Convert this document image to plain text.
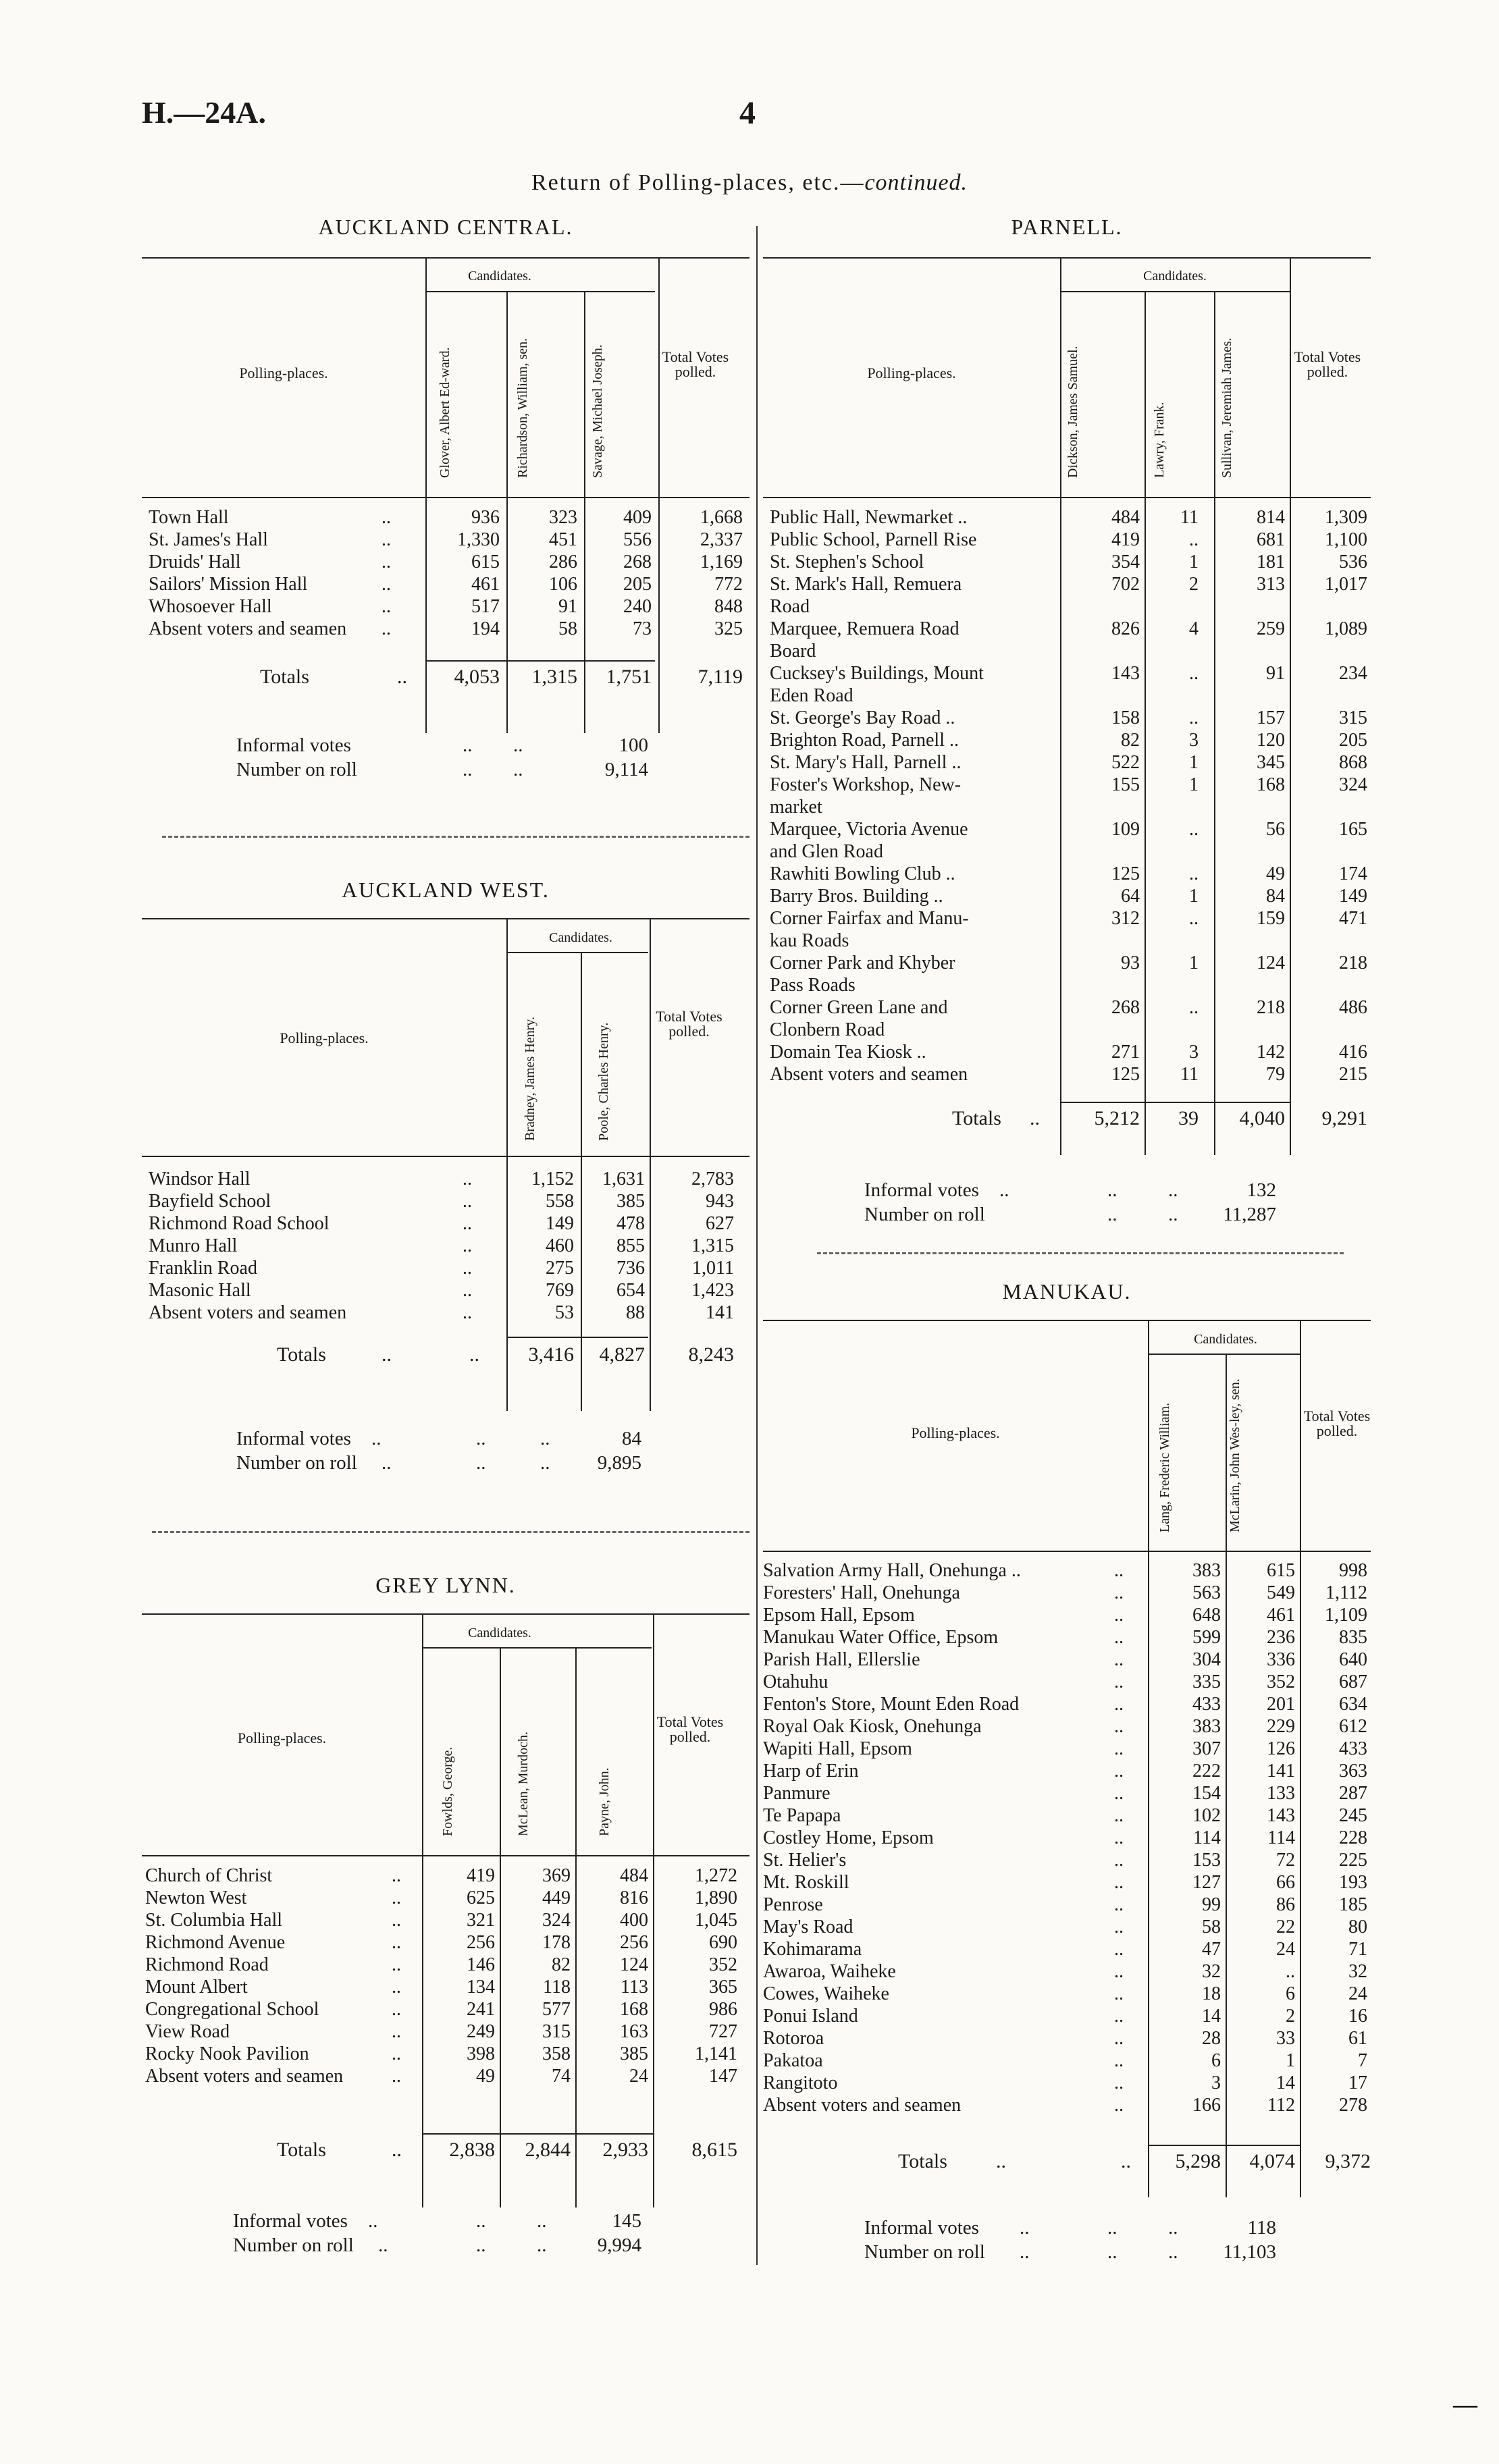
H.—24A.	4
Return of Polling-places, etc.—continued.
AUCKLAND CENTRAL.
Candidates.
Polling-places.
Total Votes polled.
Glover, Albert Ed-ward.	Richardson, William, sen.	Savage, Michael Joseph.
Town Hall	..	936	323	409	1,668
St. James's Hall	..	1,330	451	556	2,337
Druids' Hall	..	615	286	268	1,169
Sailors' Mission Hall	..	461	106	205	772
Whosoever Hall	..	517	91	240	848
Absent voters and seamen ..	194	58	73	325
Totals	..	4,053	1,315	1,751	7,119
Informal votes	.. ..	100
Number on roll	.. ..	9,114
AUCKLAND WEST.
Candidates.
Polling-places.
Total Votes polled.
Bradney, James Henry.	Poole, Charles Henry.
Windsor Hall	..	1,152	1,631	2,783
Bayfield School	..	558	385	943
Richmond Road School	..	149	478	627
Munro Hall	..	460	855	1,315
Franklin Road	..	275	736	1,011
Masonic Hall	..	769	654	1,423
Absent voters and seamen	..	53	88	141
Totals	..	..	3,416	4,827	8,243
Informal votes ..	..	..	84
Number on roll ..	..	..	9,895
GREY LYNN.
Candidates.
Polling-places.
Total Votes polled.
Fowlds, George.	McLean, Murdoch.	Payne, John.
Church of Christ	..	419	369	484	1,272
Newton West	..	625	449	816	1,890
St. Columbia Hall	..	321	324	400	1,045
Richmond Avenue	..	256	178	256	690
Richmond Road	..	146	82	124	352
Mount Albert	..	134	118	113	365
Congregational School	..	241	577	168	986
View Road	..	249	315	163	727
Rocky Nook Pavilion	..	398	358	385	1,141
Absent voters and seamen	..	49	74	24	147
Totals	..	2,838	2,844	2,933	8,615
Informal votes ..	..	..	145
Number on roll ..	..	..	9,994
PARNELL.
Candidates.
Polling-places.
Total Votes polled.
Dickson, James Samuel.	Lawry, Frank.	Sullivan, Jeremiah James.
Public Hall, Newmarket ..	484	11	814	1,309
Public School, Parnell Rise	419	..	681	1,100
St. Stephen's School	354	1	181	536
St. Mark's Hall, Remuera
Road
702	2	313	1,017
Marquee, Remuera Road
Board
826	4	259	1,089
Cucksey's Buildings, Mount
Eden Road
143	..	91	234
St. George's Bay Road ..	158	..	157	315
Brighton Road, Parnell ..	82	3	120	205
St. Mary's Hall, Parnell ..	522	1	345	868
Foster's Workshop, New-
market
155	1	168	324
Marquee, Victoria Avenue
and Glen Road
109	..	56	165
Rawhiti Bowling Club ..	125	..	49	174
Barry Bros. Building ..	64	1	84	149
Corner Fairfax and Manu-
kau Roads
312	..	159	471
Corner Park and Khyber
Pass Roads
93	1	124	218
Corner Green Lane and
Clonbern Road
268	..	218	486
Domain Tea Kiosk ..	271	3	142	416
Absent voters and seamen	125	11	79	215
Totals ..	5,212	39	4,040	9,291
Informal votes ..	..	..	132
Number on roll	..	..	11,287
MANUKAU.
Candidates.
Polling-places.
Total Votes polled.
Lang, Frederic William.	McLarin, John Wes-ley, sen.
Salvation Army Hall, Onehunga ..	..	383	615	998
Foresters' Hall, Onehunga	..	563	549	1,112
Epsom Hall, Epsom	..	648	461	1,109
Manukau Water Office, Epsom	..	599	236	835
Parish Hall, Ellerslie	..	304	336	640
Otahuhu	..	335	352	687
Fenton's Store, Mount Eden Road	..	433	201	634
Royal Oak Kiosk, Onehunga	..	383	229	612
Wapiti Hall, Epsom	..	307	126	433
Harp of Erin	..	222	141	363
Panmure	..	154	133	287
Te Papapa	..	102	143	245
Costley Home, Epsom	..	114	114	228
St. Helier's	..	153	72	225
Mt. Roskill	..	127	66	193
Penrose	..	99	86	185
May's Road	..	58	22	80
Kohimarama	..	47	24	71
Awaroa, Waiheke	..	32	..	32
Cowes, Waiheke	..	18	6	24
Ponui Island	..	14	2	16
Rotoroa	..	28	33	61
Pakatoa	..	6	1	7
Rangitoto	..	3	14	17
Absent voters and seamen	..	166	112	278
Totals ..	..	5,298	4,074	9,372
Informal votes ..	..	..	118
Number on roll ..	..	..	11,103
—
